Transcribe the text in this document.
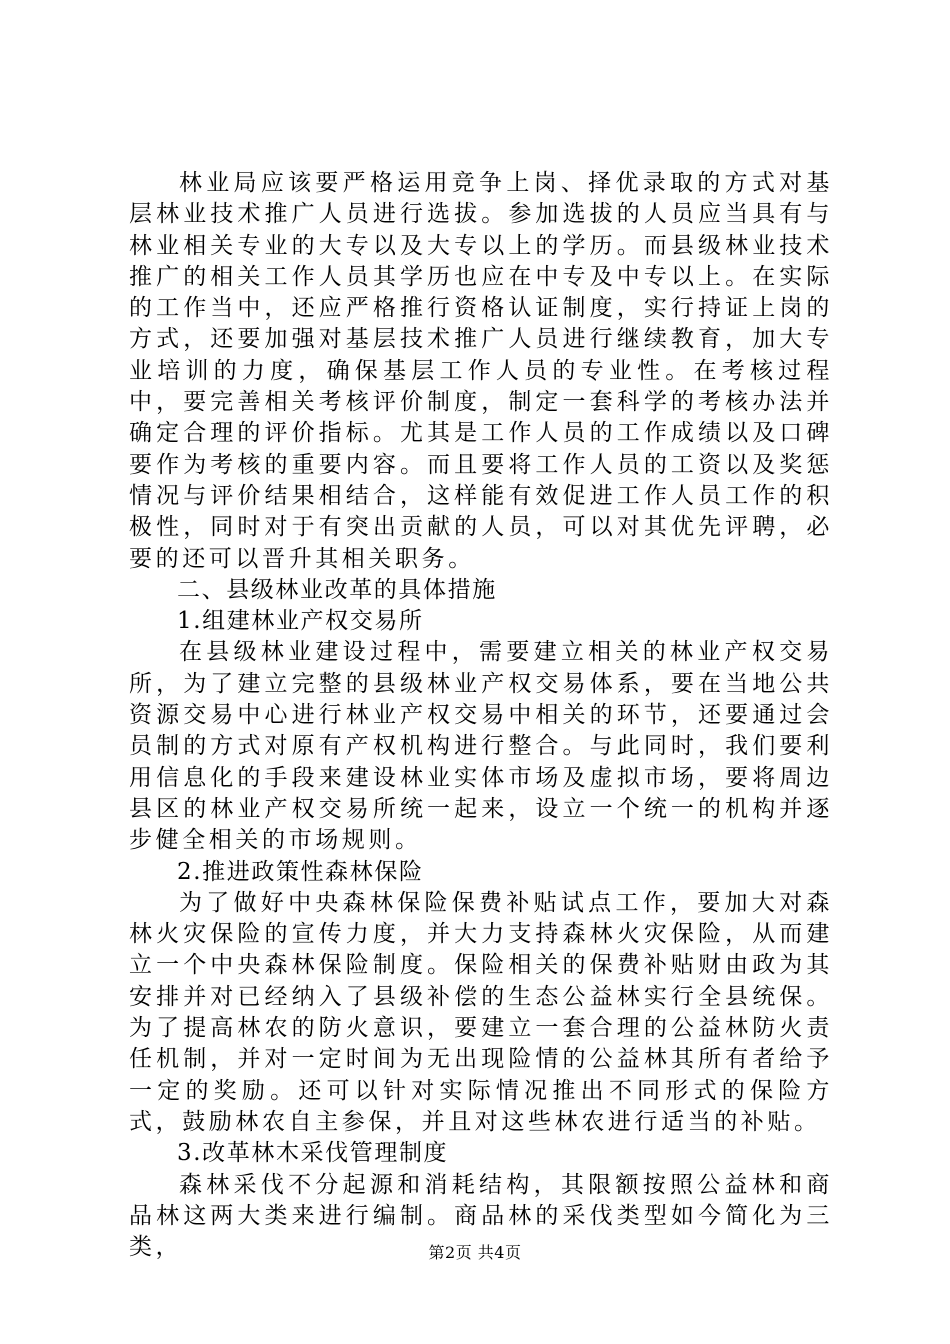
林业局应该要严格运用竞争上岗、择优录取的方式对基层林业技术推广人员进行选拔。参加选拔的人员应当具有与林业相关专业的大专以及大专以上的学历。而县级林业技术推广的相关工作人员其学历也应在中专及中专以上。在实际的工作当中，还应严格推行资格认证制度，实行持证上岗的方式，还要加强对基层技术推广人员进行继续教育，加大专业培训的力度，确保基层工作人员的专业性。在考核过程中，要完善相关考核评价制度，制定一套科学的考核办法并确定合理的评价指标。尤其是工作人员的工作成绩以及口碑要作为考核的重要内容。而且要将工作人员的工资以及奖惩情况与评价结果相结合，这样能有效促进工作人员工作的积极性，同时对于有突出贡献的人员，可以对其优先评聘，必要的还可以晋升其相关职务。

二、县级林业改革的具体措施

1.组建林业产权交易所

在县级林业建设过程中，需要建立相关的林业产权交易所，为了建立完整的县级林业产权交易体系，要在当地公共资源交易中心进行林业产权交易中相关的环节，还要通过会员制的方式对原有产权机构进行整合。与此同时，我们要利用信息化的手段来建设林业实体市场及虚拟市场，要将周边县区的林业产权交易所统一起来，设立一个统一的机构并逐步健全相关的市场规则。

2.推进政策性森林保险

为了做好中央森林保险保费补贴试点工作，要加大对森林火灾保险的宣传力度，并大力支持森林火灾保险，从而建立一个中央森林保险制度。保险相关的保费补贴财由政为其安排并对已经纳入了县级补偿的生态公益林实行全县统保。为了提高林农的防火意识，要建立一套合理的公益林防火责任机制，并对一定时间为无出现险情的公益林其所有者给予一定的奖励。还可以针对实际情况推出不同形式的保险方式，鼓励林农自主参保，并且对这些林农进行适当的补贴。

3.改革林木采伐管理制度

森林采伐不分起源和消耗结构，其限额按照公益林和商品林这两大类来进行编制。商品林的采伐类型如今简化为三类，	第2页 共4页
